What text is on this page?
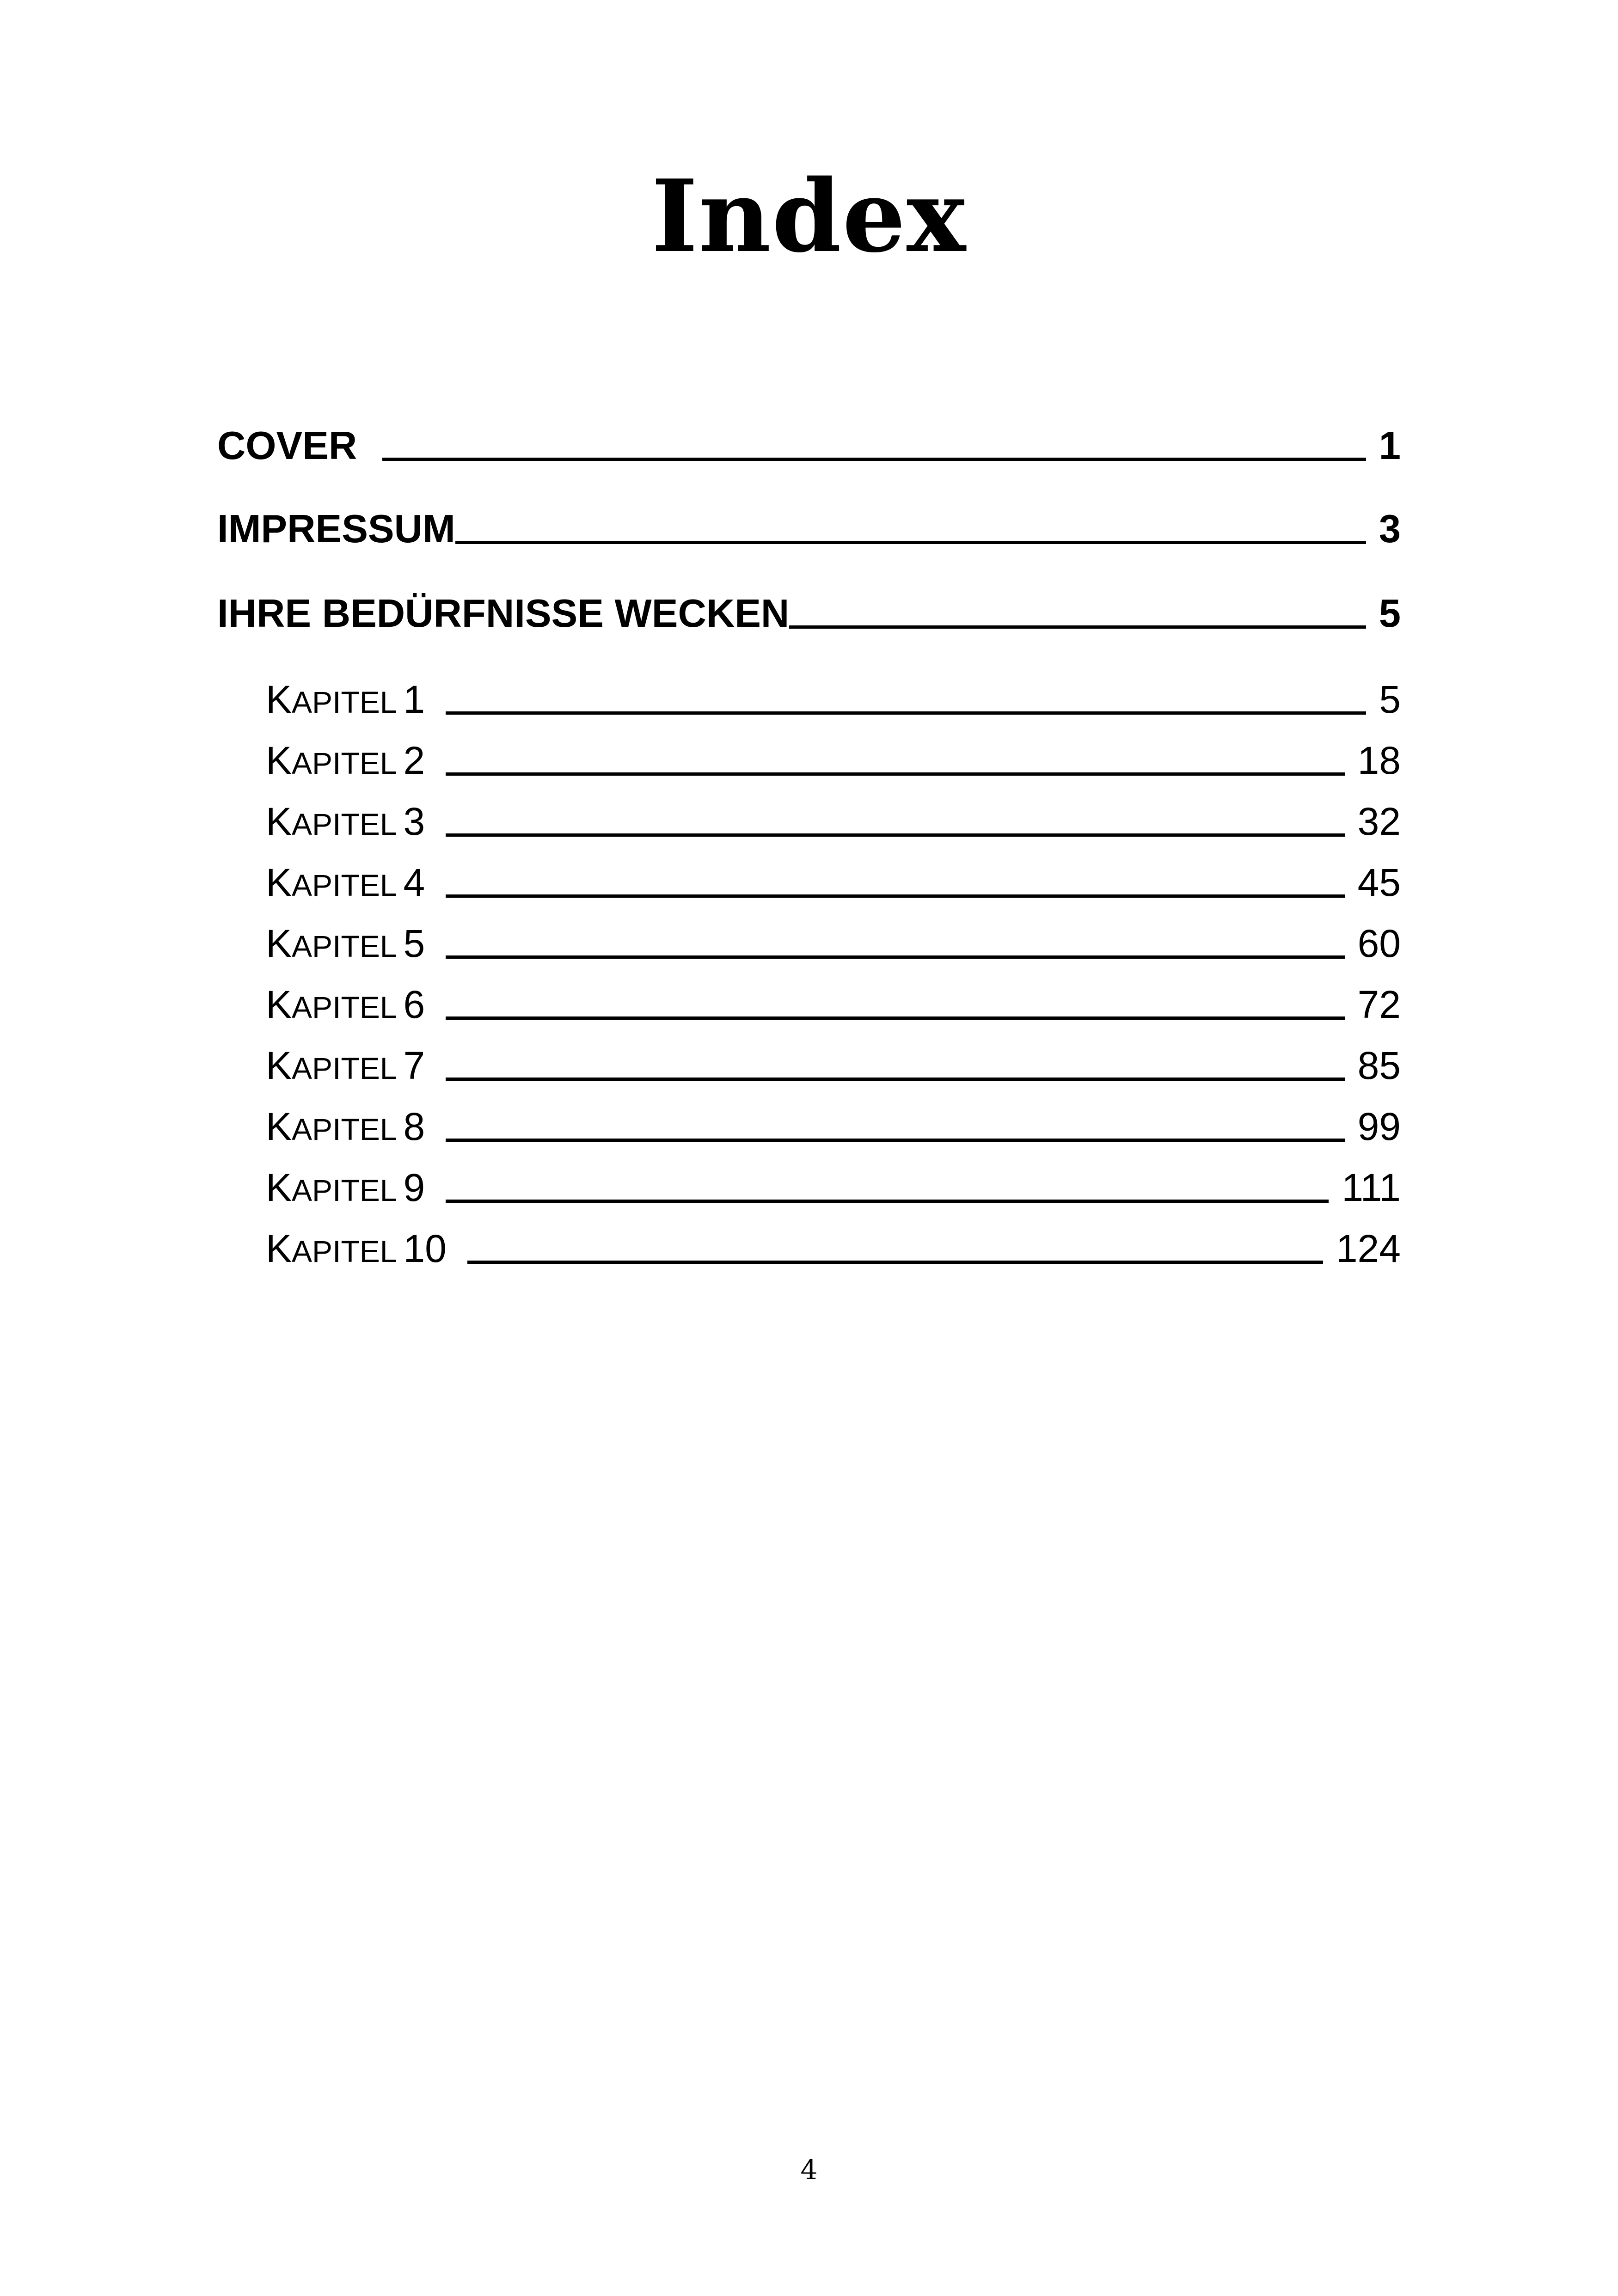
Index
COVER	1
IMPRESSUM	3
IHRE BEDÜRFNISSE WECKEN	5
KAPITEL 1	5
KAPITEL 2	18
KAPITEL 3	32
KAPITEL 4	45
KAPITEL 5	60
KAPITEL 6	72
KAPITEL 7	85
KAPITEL 8	99
KAPITEL 9	111
KAPITEL 10	124
4
